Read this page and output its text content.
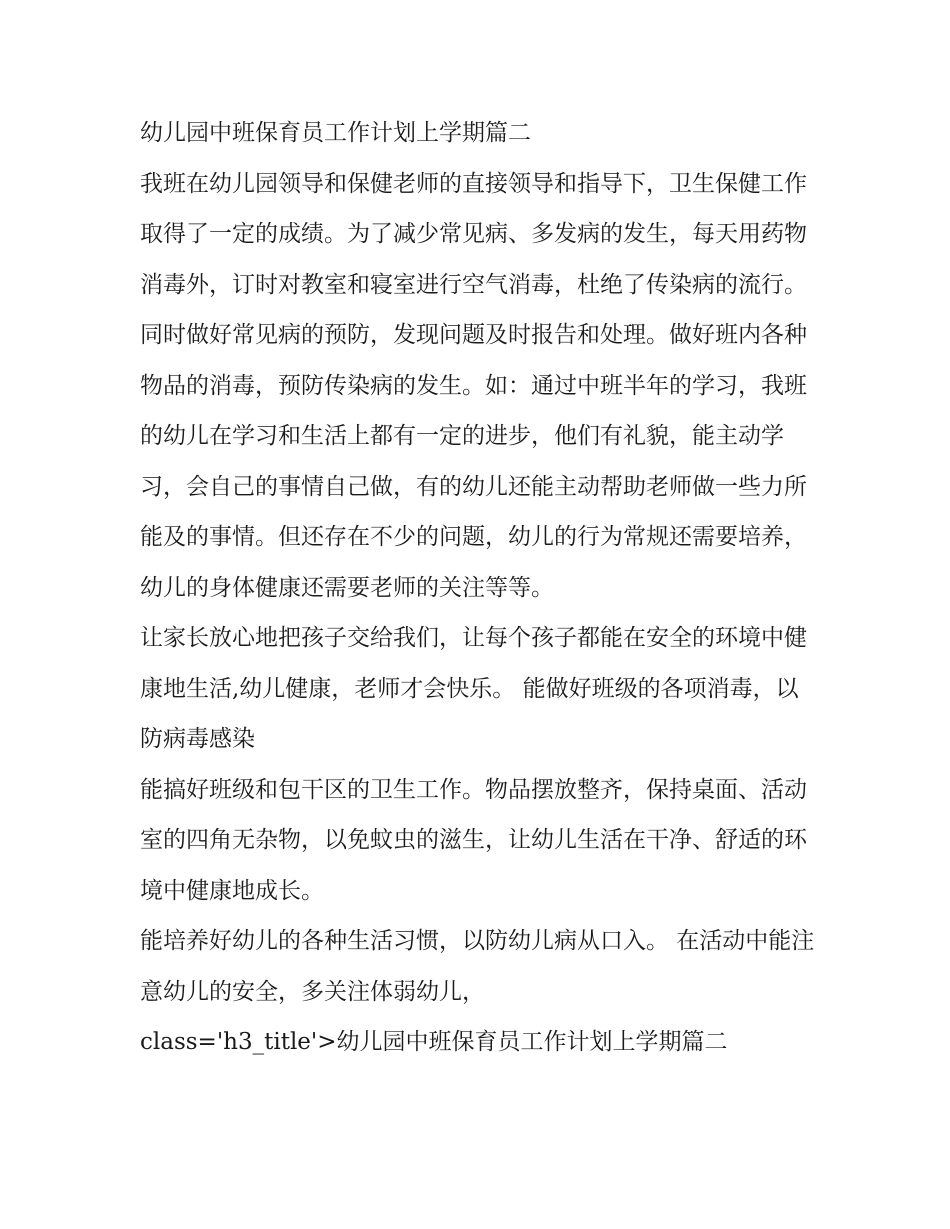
幼儿园中班保育员工作计划上学期篇二

我班在幼儿园领导和保健老师的直接领导和指导下，卫生保健工作取得了一定的成绩。为了减少常见病、多发病的发生，每天用药物消毒外，订时对教室和寝室进行空气消毒，杜绝了传染病的流行。同时做好常见病的预防，发现问题及时报告和处理。做好班内各种物品的消毒，预防传染病的发生。如：通过中班半年的学习，我班的幼儿在学习和生活上都有一定的进步，他们有礼貌，能主动学习，会自己的事情自己做，有的幼儿还能主动帮助老师做一些力所能及的事情。但还存在不少的问题，幼儿的行为常规还需要培养，幼儿的身体健康还需要老师的关注等等。

让家长放心地把孩子交给我们，让每个孩子都能在安全的环境中健康地生活,幼儿健康，老师才会快乐。 能做好班级的各项消毒，以防病毒感染

能搞好班级和包干区的卫生工作。物品摆放整齐，保持桌面、活动室的四角无杂物，以免蚊虫的滋生，让幼儿生活在干净、舒适的环境中健康地成长。

能培养好幼儿的各种生活习惯，以防幼儿病从口入。 在活动中能注意幼儿的安全，多关注体弱幼儿，

class='h3_title'>幼儿园中班保育员工作计划上学期篇二
